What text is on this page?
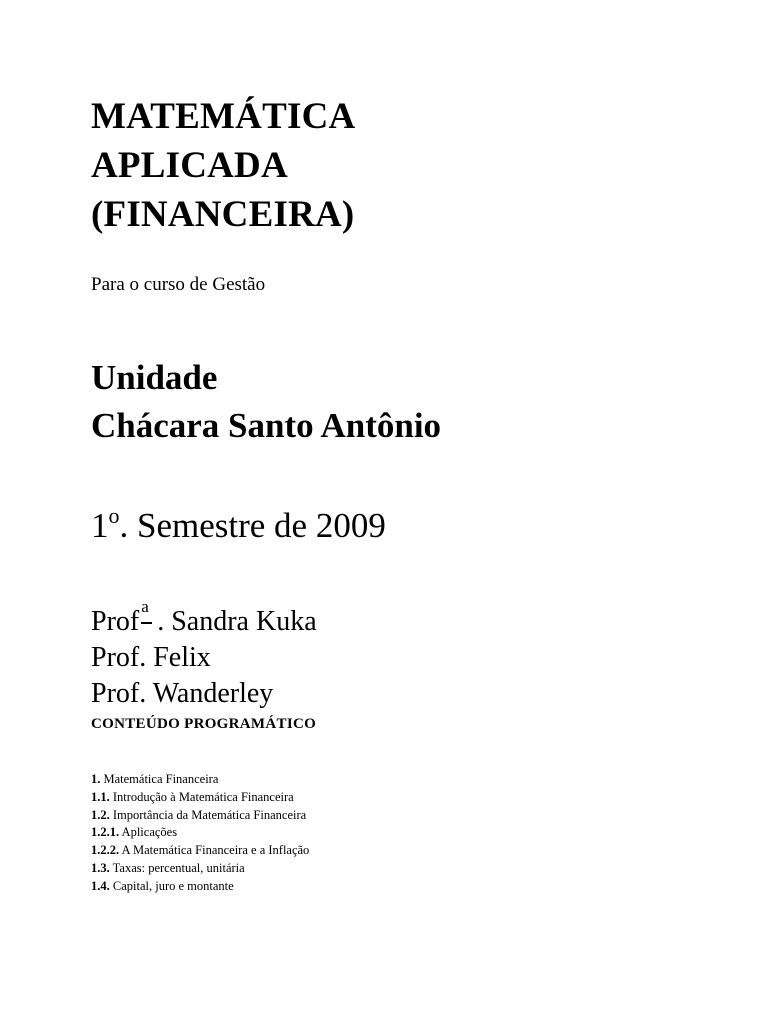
MATEMÁTICA
APLICADA
(FINANCEIRA)
Para o curso de Gestão
Unidade
Chácara Santo Antônio
1$^o$. Semestre de 2009
Prof a . Sandra Kuka
Prof. Felix
Prof. Wanderley
CONTEÚDO PROGRAMÁTICO
1. Matemática Financeira
1.1. Introdução à Matemática Financeira
1.2. Importância da Matemática Financeira
1.2.1. Aplicações
1.2.2. A Matemática Financeira e a Inflação
1.3. Taxas: percentual, unitária
1.4. Capital, juro e montante
